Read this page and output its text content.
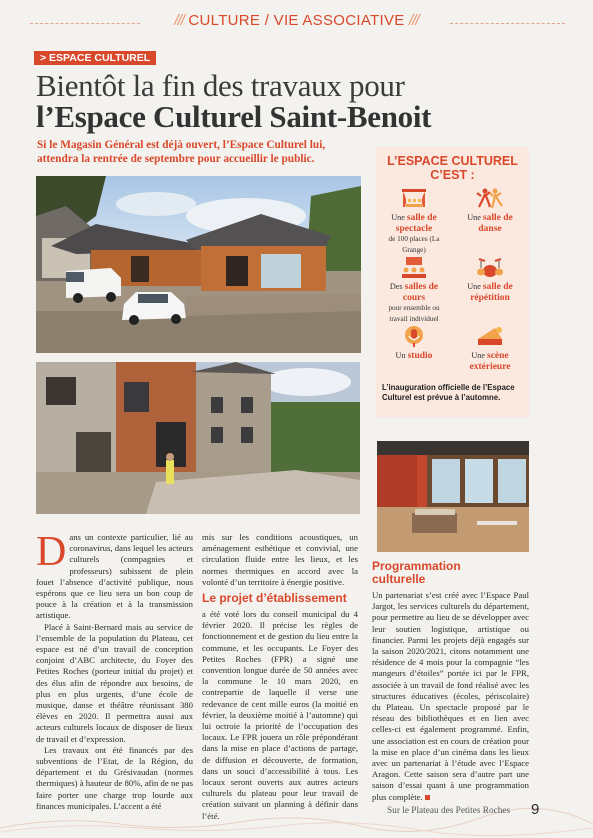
/// CULTURE / VIE ASSOCIATIVE ///
> ESPACE CULTUREL
Bientôt la fin des travaux pour
l’Espace Culturel Saint-Benoit
Si le Magasin Général est déjà ouvert, l’Espace Culturel lui, attendra la rentrée de septembre pour accueillir le public.	L’ESPACE CULTUREL
C’EST :
Une salle de spectacle
de 100 places (La Grange)
Une salle de danse
Des salles de cours
pour ensemble ou travail individuel
Une salle de répétition
Un studio	Une scène extérieure
L’inauguration officielle de l’Espace Culturel est prévue à l’automne.

Dans un contexte particulier, lié au coronavirus, dans lequel les acteurs culturels (compagnies et professeurs) subissent de plein fouet l’absence d’activité publique, nous espérons que ce lieu sera un bon coup de pouce à la création et à la transmission artistique.

Placé à Saint-Bernard mais au service de l’ensemble de la population du Plateau, cet espace est né d’un travail de conception conjoint d’ABC architecte, du Foyer des Petites Roches (porteur initial du projet) et des élus afin de répondre aux besoins, de plus en plus urgents, d’une école de musique, danse et théâtre réunissant 380 élèves en 2020. Il permettra aussi aux acteurs culturels locaux de disposer de lieux de travail et d’expression.

Les travaux ont été financés par des subventions de l’Etat, de la Région, du département et du Grésivaudan (normes thermiques) à hauteur de 80%, afin de ne pas faire porter une charge trop lourde aux finances municipales. L’accent a été

mis sur les conditions acoustiques, un aménagement esthétique et convivial, une circulation fluide entre les lieux, et les normes thermiques en accord avec la volonté d’un territoire à énergie positive.

Le projet d’établissement

a été voté lors du conseil municipal du 4 février 2020. Il précise les règles de fonctionnement et de gestion du lieu entre la commune, et les occupants. Le Foyer des Petites Roches (FPR) a signé une convention longue durée de 50 années avec la commune le 10 mars 2020, en contrepartie de laquelle il verse une redevance de cent mille euros (la moitié en février, la deuxième moitié à l’automne) qui lui octroie la priorité de l’occupation des locaux. Le FPR jouera un rôle prépondérant dans la mise en place d’actions de partage, de diffusion et découverte, de formation, dans un souci d’accessibilité à tous. Les locaux seront ouverts aux autres acteurs culturels du plateau pour leur travail de création suivant un planning à définir dans l’été.

Programmation
culturelle

Un partenariat s’est créé avec l’Espace Paul Jargot, les services culturels du département, pour permettre au lieu de se développer avec leur soutien logistique, artistique ou financier. Parmi les projets déjà engagés sur la saison 2020/2021, citons notamment une résidence de 4 mois pour la compagnie “les mangeurs d’étoiles” portée ici par le FPR, associée à un travail de fond réalisé avec les structures éducatives (écoles, périscolaire) du Plateau. Un spectacle proposé par le réseau des bibliothèques et en lien avec celles-ci est également programmé. Enfin, une association est en cours de création pour la mise en place d’un cinéma dans les lieux avec un partenariat à l’étude avec l’Espace Aragon. Cette saison sera d’autre part une saison d’essai quant à une programmation plus complète.

Sur le Plateau des Petites Roches 9
